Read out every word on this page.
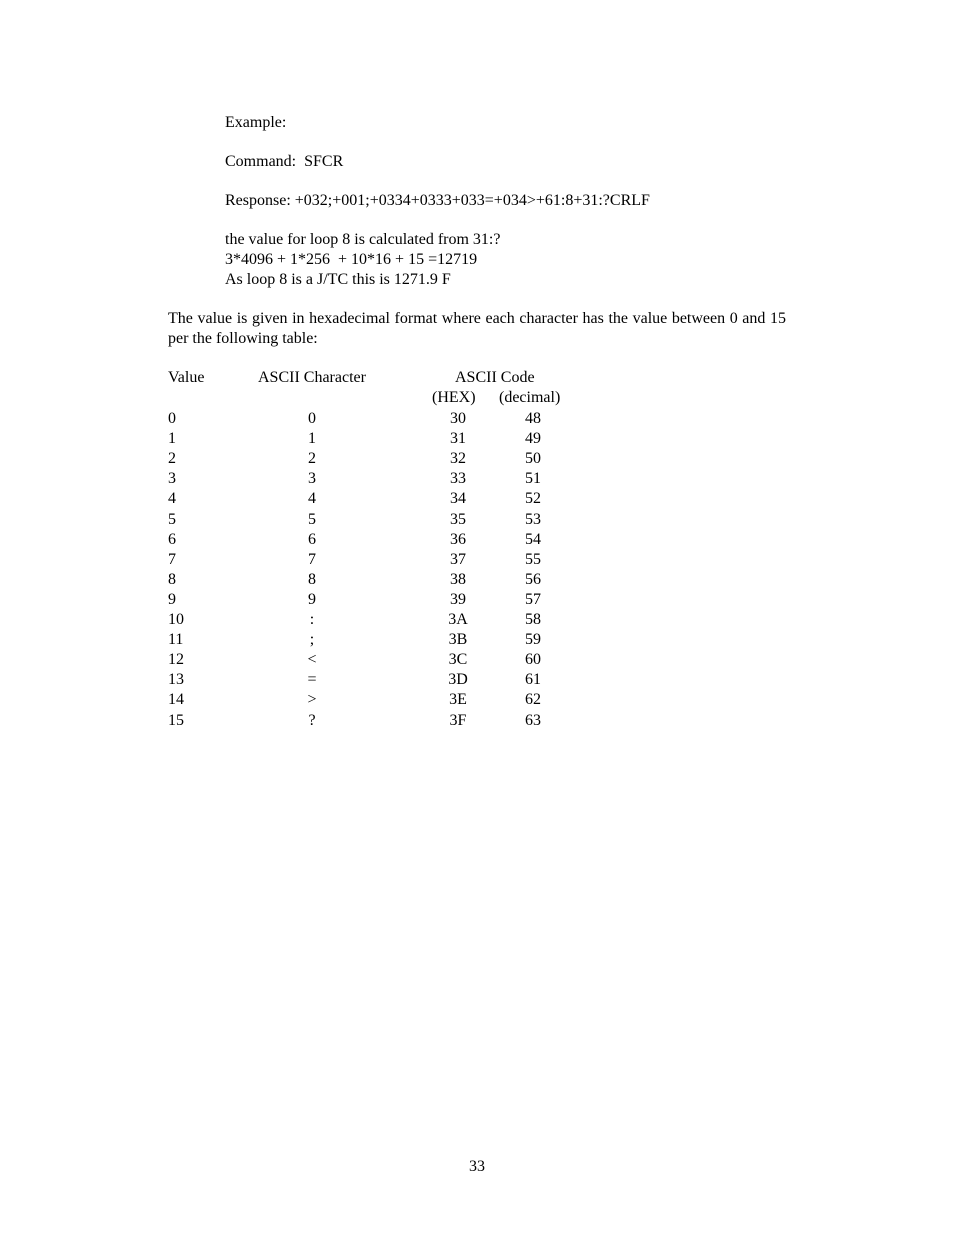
Example:

Command:  SFCR

Response: +032;+001;+0334+0333+033=+034>+61:8+31:?CRLF

the value for loop 8 is calculated from 31:?

3*4096 + 1*256  + 10*16 + 15 =12719

As loop 8 is a J/TC this is 1271.9 F

The value is given in hexadecimal format where each character has the value between 0 and 15 per the following table:

Value	ASCII Character	ASCII Code
(HEX) (decimal)
0	0	30	48
1	1	31	49
2	2	32	50
3	3	33	51
4	4	34	52
5	5	35	53
6	6	36	54
7	7	37	55
8	8	38	56
9	9	39	57
10	:	3A	58
11	;	3B	59
12	<	3C	60
13	=	3D	61
14	>	3E	62
15	?	3F	63
33
